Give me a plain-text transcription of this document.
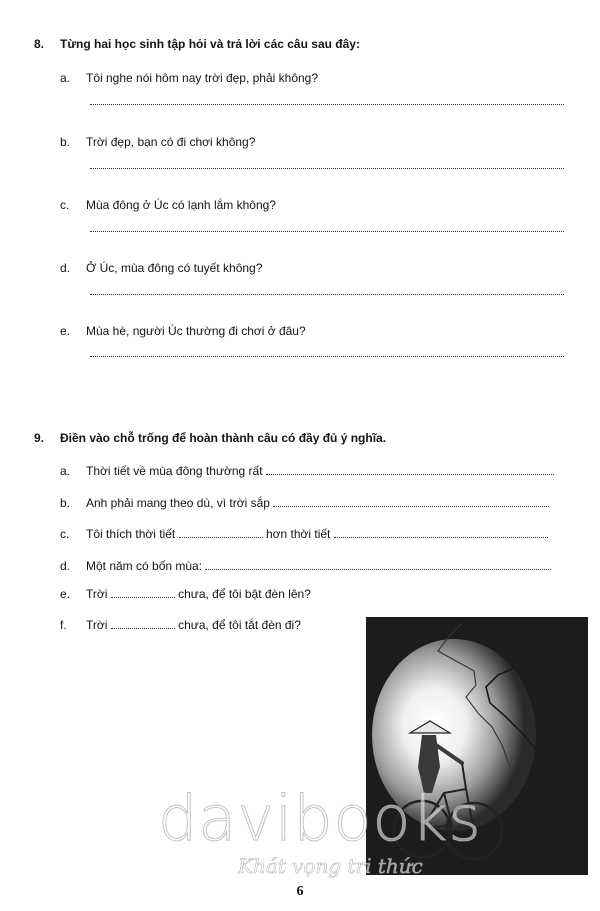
8. Từng hai học sinh tập hỏi và trả lời các câu sau đây:
a. Tôi nghe nói hôm nay trời đẹp, phải không?
b. Trời đẹp, bạn có đi chơi không?
c. Mùa đông ở Úc có lạnh lắm không?
d. Ở Úc, mùa đông có tuyết không?
e. Mùa hè, người Úc thường đi chơi ở đâu?
9. Điền vào chỗ trống để hoàn thành câu có đầy đủ ý nghĩa.
a. Thời tiết về mùa đông thường rất
b. Anh phải mang theo dù, vì trời sắp
c. Tôi thích thời tiết	hơn thời tiết
d. Một năm có bốn mùa:
e. Trời	chưa, để tôi bật đèn lên?
f. Trời	chưa, để tôi tắt đèn đi?
davibooks
Khát vọng tri thức
6
